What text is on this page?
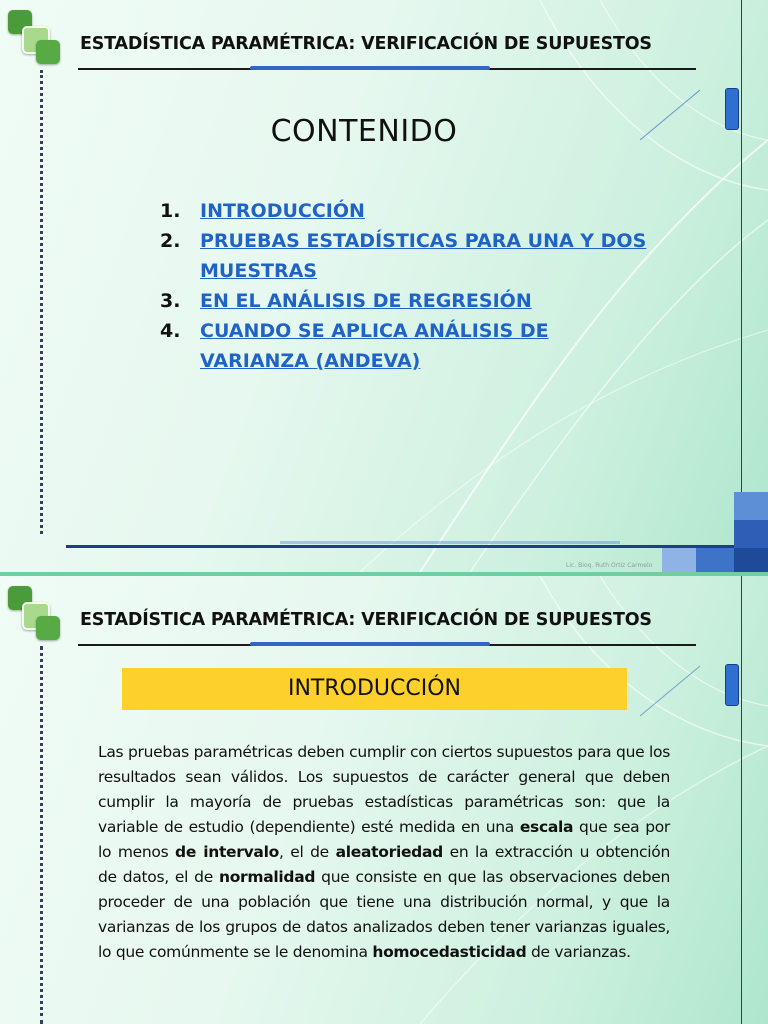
ESTADÍSTICA PARAMÉTRICA: VERIFICACIÓN DE SUPUESTOS
CONTENIDO
1.	INTRODUCCIÓN
2.	PRUEBAS ESTADÍSTICAS PARA UNA Y DOS MUESTRAS
3.	EN EL ANÁLISIS DE REGRESIÓN
4.	CUANDO SE APLICA ANÁLISIS DE VARIANZA (ANDEVA)
Lic. Bioq. Ruth Ortiz Carmelo
ESTADÍSTICA PARAMÉTRICA: VERIFICACIÓN DE SUPUESTOS
INTRODUCCIÓN

Las pruebas paramétricas deben cumplir con ciertos supuestos para que los resultados sean válidos. Los supuestos de carácter general que deben cumplir la mayoría de pruebas estadísticas paramétricas son: que la variable de estudio (dependiente) esté medida en una escala que sea por lo menos de intervalo, el de aleatoriedad en la extracción u obtención de datos, el de normalidad que consiste en que las observaciones deben proceder de una población que tiene una distribución normal, y que la varianzas de los grupos de datos analizados deben tener varianzas iguales, lo que comúnmente se le denomina homocedasticidad de varianzas.
